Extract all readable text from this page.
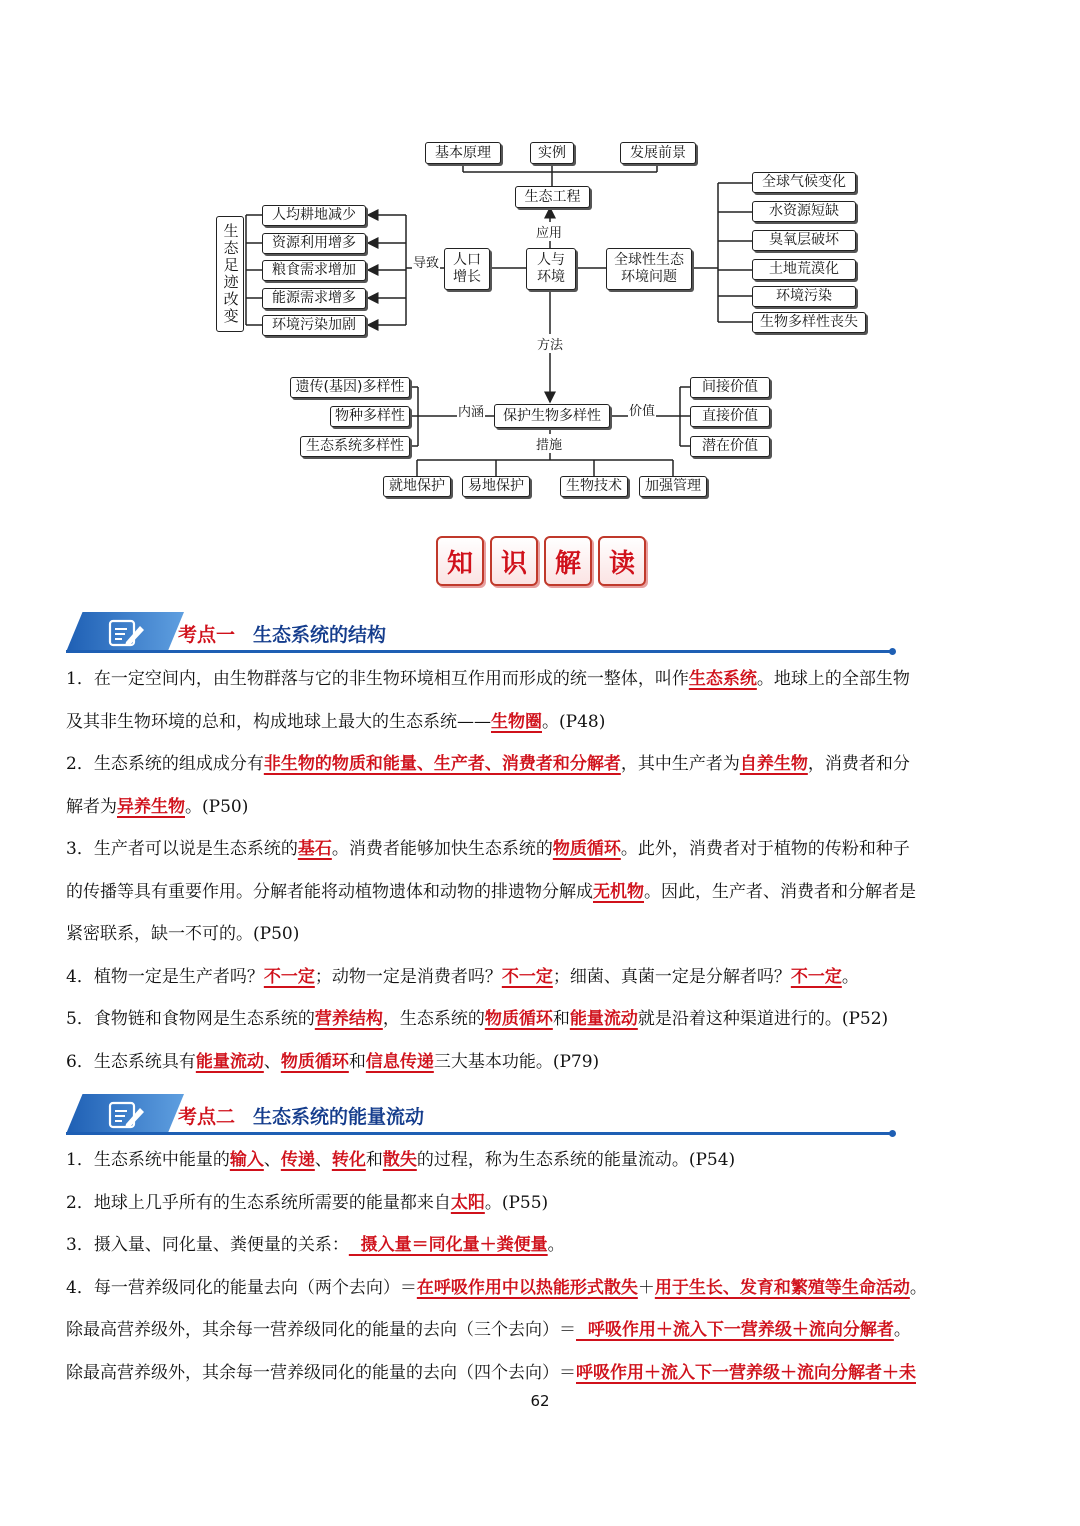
基本原理	实例	发展前景
生态工程
应用
人与
环境
人口
增长
导致
人均耕地减少
资源利用增多
粮食需求增加
能源需求增多
环境污染加剧
生态足迹改变	全球性生态
环境问题
全球气候变化
水资源短缺
臭氧层破坏
土地荒漠化
环境污染
生物多样性丧失
方法
保护生物多样性
内涵	价值
措施
遗传(基因)多样性
物种多样性
生态系统多样性
间接价值
直接价值
潜在价值
就地保护	易地保护	生物技术	加强管理
知	识	解	读
考点一 生态系统的结构
1．在一定空间内，由生物群落与它的非生物环境相互作用而形成的统一整体，叫作生态系统。地球上的全部生物
及其非生物环境的总和，构成地球上最大的生态系统——生物圈。(P48)
2．生态系统的组成成分有非生物的物质和能量、生产者、消费者和分解者，其中生产者为自养生物，消费者和分
解者为异养生物。(P50)
3．生产者可以说是生态系统的基石。消费者能够加快生态系统的物质循环。此外，消费者对于植物的传粉和种子
的传播等具有重要作用。分解者能将动植物遗体和动物的排遗物分解成无机物。因此，生产者、消费者和分解者是
紧密联系，缺一不可的。(P50)
4．植物一定是生产者吗？不一定；动物一定是消费者吗？不一定；细菌、真菌一定是分解者吗？不一定。
5．食物链和食物网是生态系统的营养结构，生态系统的物质循环和能量流动就是沿着这种渠道进行的。(P52)
6．生态系统具有能量流动、物质循环和信息传递三大基本功能。(P79)
考点二 生态系统的能量流动
1．生态系统中能量的输入、传递、转化和散失的过程，称为生态系统的能量流动。(P54)
2．地球上几乎所有的生态系统所需要的能量都来自太阳。(P55)
3．摄入量、同化量、粪便量的关系：  摄入量＝同化量＋粪便量。
4．每一营养级同化的能量去向（两个去向）＝在呼吸作用中以热能形式散失＋用于生长、发育和繁殖等生命活动。
除最高营养级外，其余每一营养级同化的能量的去向（三个去向）＝  呼吸作用＋流入下一营养级＋流向分解者。
除最高营养级外，其余每一营养级同化的能量的去向（四个去向）＝呼吸作用＋流入下一营养级＋流向分解者＋未
62
